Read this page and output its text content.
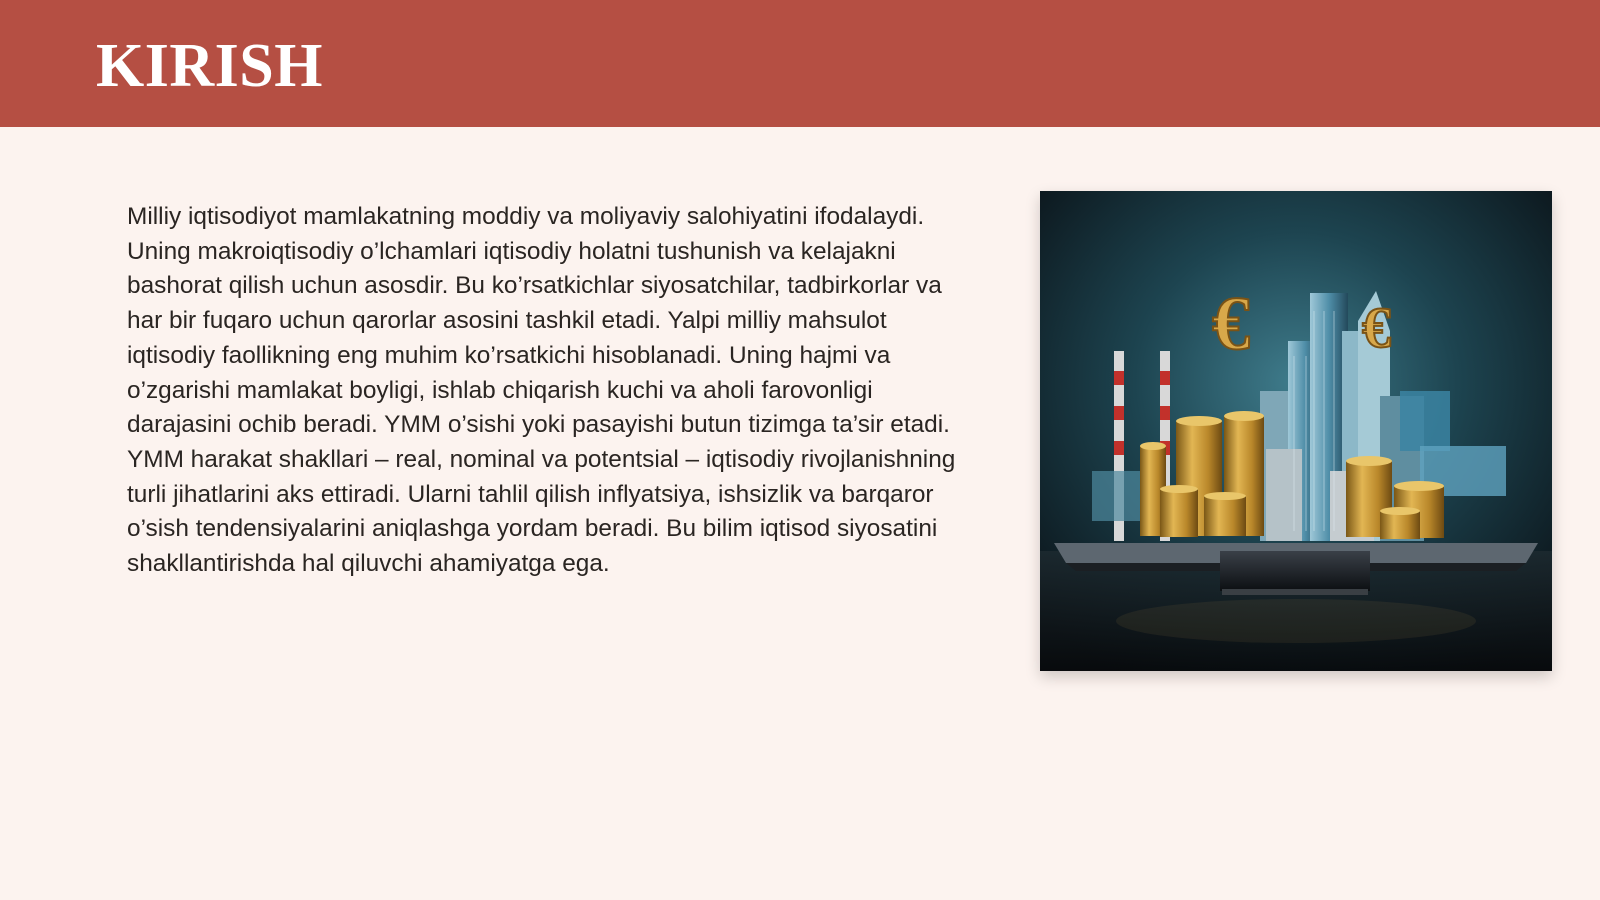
KIRISH

Milliy iqtisodiyot mamlakatning moddiy va moliyaviy salohiyatini ifodalaydi. Uning makroiqtisodiy o’lchamlari iqtisodiy holatni tushunish va kelajakni bashorat qilish uchun asosdir. Bu ko’rsatkichlar siyosatchilar, tadbirkorlar va har bir fuqaro uchun qarorlar asosini tashkil etadi. Yalpi milliy mahsulot iqtisodiy faollikning eng muhim ko’rsatkichi hisoblanadi. Uning hajmi va o’zgarishi mamlakat boyligi, ishlab chiqarish kuchi va aholi farovonligi darajasini ochib beradi. YMM o’sishi yoki pasayishi butun tizimga ta’sir etadi. YMM harakat shakllari – real, nominal va potentsial – iqtisodiy rivojlanishning turli jihatlarini aks ettiradi. Ularni tahlil qilish inflyatsiya, ishsizlik va barqaror o’sish tendensiyalarini aniqlashga yordam beradi. Bu bilim iqtisod siyosatini shakllantirishda hal qiluvchi ahamiyatga ega.

€ €
